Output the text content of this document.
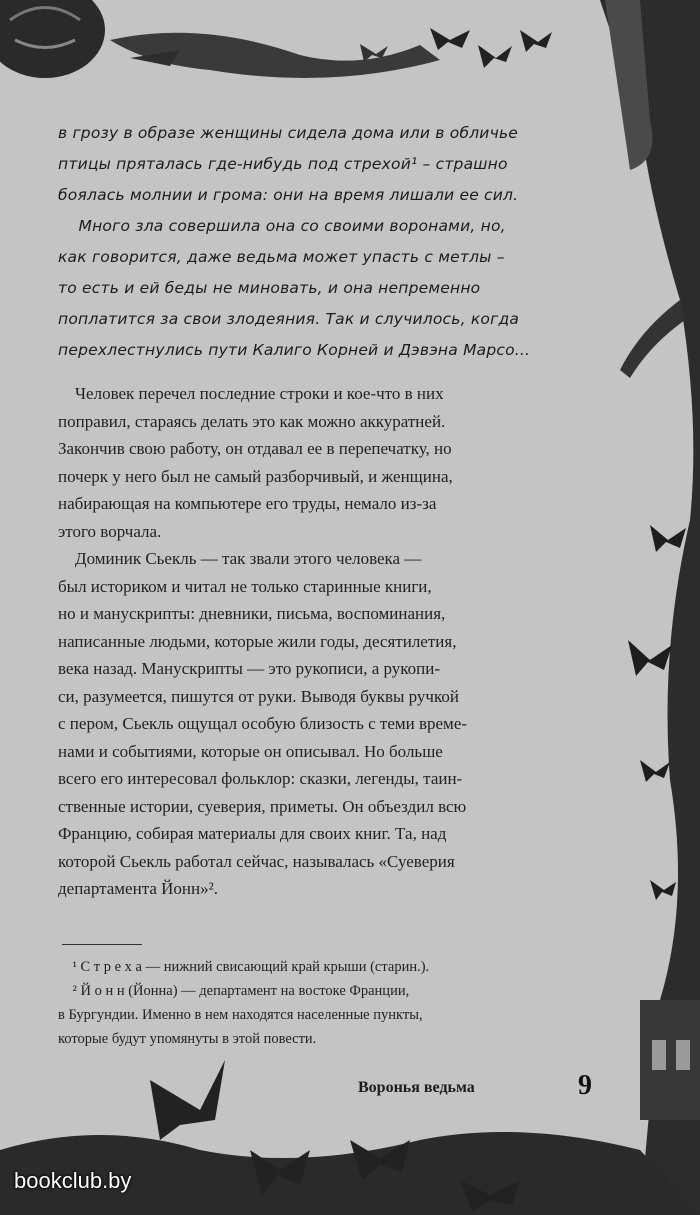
в грозу в образе женщины сидела дома или в обличье
птицы пряталась где-нибудь под стрехой¹ – страшно
боялась молнии и грома: они на время лишали ее сил.
Много зла совершила она со своими воронами, но,
как говорится, даже ведьма может упасть с метлы –
то есть и ей беды не миновать, и она непременно
поплатится за свои злодеяния. Так и случилось, когда
перехлестнулись пути Калиго Корней и Дэвэна Марсо...
Человек перечел последние строки и кое-что в них
поправил, стараясь делать это как можно аккуратней.
Закончив свою работу, он отдавал ее в перепечатку, но
почерк у него был не самый разборчивый, и женщина,
набирающая на компьютере его труды, немало из-за
этого ворчала.
Доминик Сьекль — так звали этого человека —
был историком и читал не только старинные книги,
но и манускрипты: дневники, письма, воспоминания,
написанные людьми, которые жили годы, десятилетия,
века назад. Манускрипты — это рукописи, а рукопи-
си, разумеется, пишутся от руки. Выводя буквы ручкой
с пером, Сьекль ощущал особую близость с теми време-
нами и событиями, которые он описывал. Но больше
всего его интересовал фольклор: сказки, легенды, таин-
ственные истории, суеверия, приметы. Он объездил всю
Францию, собирая материалы для своих книг. Та, над
которой Сьекль работал сейчас, называлась «Суеверия
департамента Йонн»².
¹ С т р е х а — нижний свисающий край крыши (старин.).
² Й о н н (Йонна) — департамент на востоке Франции,
в Бургундии. Именно в нем находятся населенные пункты,
которые будут упомянуты в этой повести.
Воронья ведьма	9
bookclub.by
